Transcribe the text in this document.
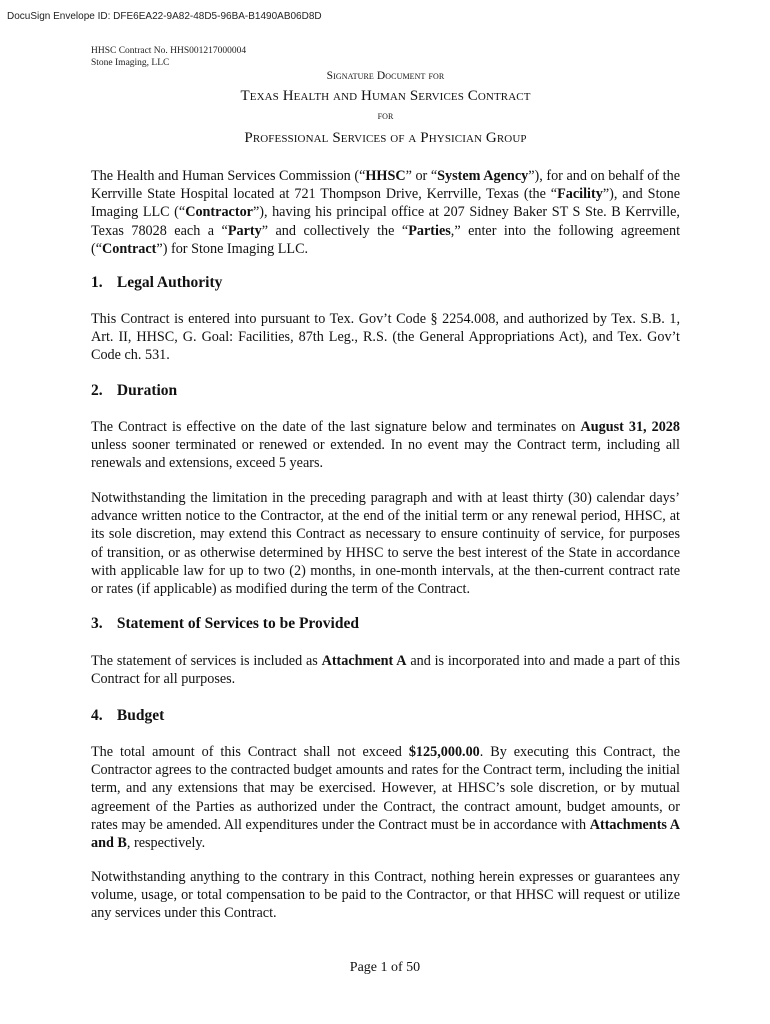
DocuSign Envelope ID: DFE6EA22-9A82-48D5-96BA-B1490AB06D8D
HHSC Contract No. HHS001217000004
Stone Imaging, LLC
Signature Document for
Texas Health and Human Services Contract
for
Professional Services of a Physician Group

The Health and Human Services Commission (“HHSC” or “System Agency”), for and on behalf of the Kerrville State Hospital located at 721 Thompson Drive, Kerrville, Texas (the “Facility”), and Stone Imaging LLC (“Contractor”), having his principal office at 207 Sidney Baker ST S Ste. B Kerrville, Texas 78028 each a “Party” and collectively the “Parties,” enter into the following agreement (“Contract”) for Stone Imaging LLC.

1. Legal Authority

This Contract is entered into pursuant to Tex. Gov’t Code § 2254.008, and authorized by Tex. S.B. 1, Art. II, HHSC, G. Goal: Facilities, 87th Leg., R.S. (the General Appropriations Act), and Tex. Gov’t Code ch. 531.

2. Duration

The Contract is effective on the date of the last signature below and terminates on August 31, 2028 unless sooner terminated or renewed or extended. In no event may the Contract term, including all renewals and extensions, exceed 5 years.

Notwithstanding the limitation in the preceding paragraph and with at least thirty (30) calendar days’ advance written notice to the Contractor, at the end of the initial term or any renewal period, HHSC, at its sole discretion, may extend this Contract as necessary to ensure continuity of service, for purposes of transition, or as otherwise determined by HHSC to serve the best interest of the State in accordance with applicable law for up to two (2) months, in one-month intervals, at the then-current contract rate or rates (if applicable) as modified during the term of the Contract.

3. Statement of Services to be Provided

The statement of services is included as Attachment A and is incorporated into and made a part of this Contract for all purposes.

4. Budget

The total amount of this Contract shall not exceed $125,000.00. By executing this Contract, the Contractor agrees to the contracted budget amounts and rates for the Contract term, including the initial term, and any extensions that may be exercised. However, at HHSC’s sole discretion, or by mutual agreement of the Parties as authorized under the Contract, the contract amount, budget amounts, or rates may be amended. All expenditures under the Contract must be in accordance with Attachments A and B, respectively.

Notwithstanding anything to the contrary in this Contract, nothing herein expresses or guarantees any volume, usage, or total compensation to be paid to the Contractor, or that HHSC will request or utilize any services under this Contract.

Page 1 of 50
